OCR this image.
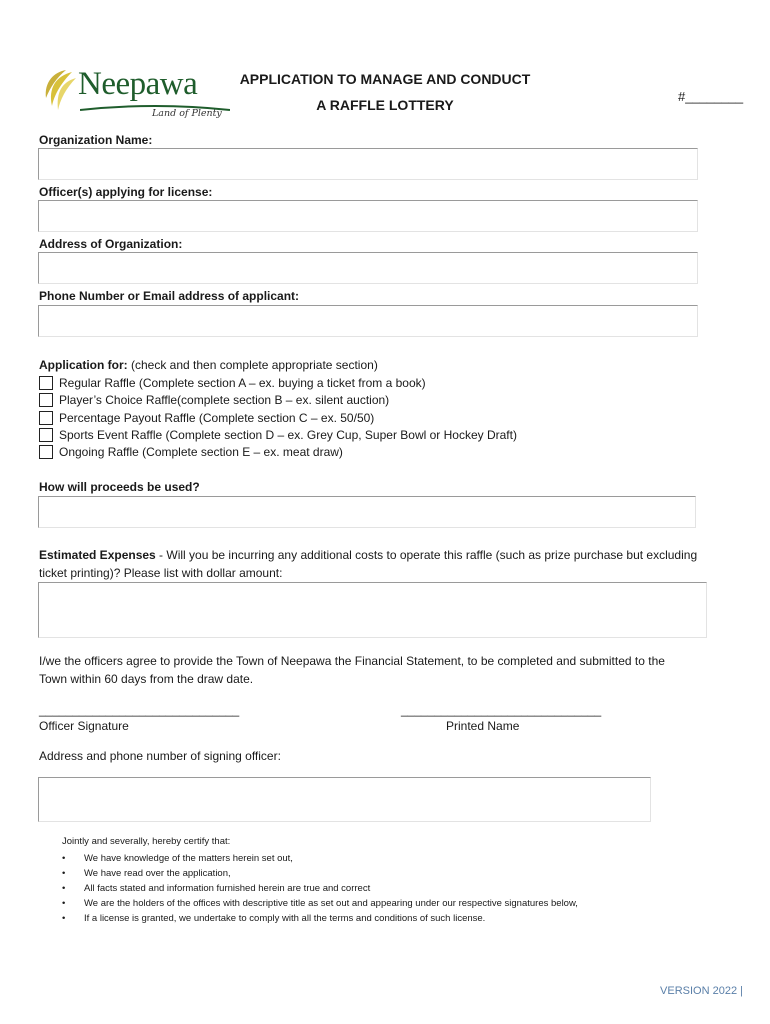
Neepawa
Land of Plenty
APPLICATION TO MANAGE AND CONDUCT
A RAFFLE LOTTERY
#________
Organization Name:
Officer(s) applying for license:
Address of Organization:
Phone Number or Email address of applicant:
Application for: (check and then complete appropriate section)
Regular Raffle (Complete section A – ex. buying a ticket from a book)
Player’s Choice Raffle(complete section B – ex. silent auction)
Percentage Payout Raffle (Complete section C – ex. 50/50)
Sports Event Raffle (Complete section D – ex. Grey Cup, Super Bowl or Hockey Draft)
Ongoing Raffle (Complete section E – ex. meat draw)
How will proceeds be used?
Estimated Expenses - Will you be incurring any additional costs to operate this raffle (such as prize purchase but excluding
ticket printing)? Please list with dollar amount:
I/we the officers agree to provide the Town of Neepawa the Financial Statement, to be completed and submitted to the
Town within 60 days from the draw date.
______________________________
Officer Signature
______________________________
Printed Name
Address and phone number of signing officer:
Jointly and severally, hereby certify that:
• We have knowledge of the matters herein set out,
• We have read over the application,
• All facts stated and information furnished herein are true and correct
• We are the holders of the offices with descriptive title as set out and appearing under our respective signatures below,
• If a license is granted, we undertake to comply with all the terms and conditions of such license.
VERSION 2022 |
